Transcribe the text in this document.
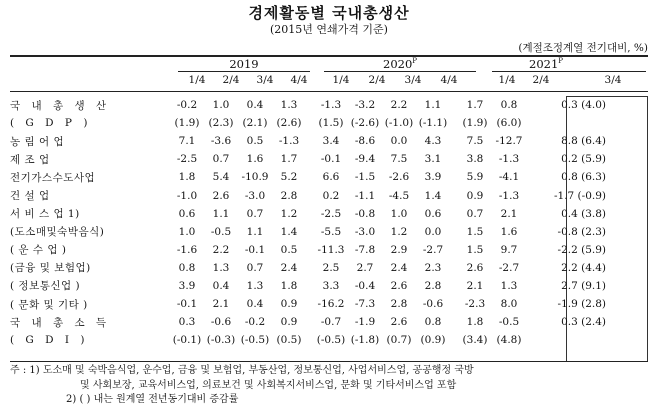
경제활동별 국내총생산
(2015년 연쇄가격 기준)
(계절조정계열 전기대비, %)
2019	$2020^P$	$2021^P$
1/4	2/4	3/4	4/4	1/4	2/4	3/4	4/4	1/4	2/4	3/4
국 내 총 생 산	-0.2	1.0	0.4	1.3		-1.3	-3.2	2.2	1.1		1.7	0.8	0.3 (4.0)
( G D P )	(1.9)	(2.3)	(2.1)	(2.6)		(1.5)	(-2.6)	(-1.0)	(-1.1)		(1.9)	(6.0)	
농 림 어 업	7.1	-3.6	0.5	-1.3		3.4	-8.6	0.0	4.3		7.5	-12.7	8.8 (6.4)
제 조 업	-2.5	0.7	1.6	1.7		-0.1	-9.4	7.5	3.1		3.8	-1.3	0.2 (5.9)
전기가스수도사업	1.8	5.4	-10.9	5.2		6.6	-1.5	-2.6	3.9		5.9	-4.1	0.8 (6.3)
건 설 업	-1.0	2.6	-3.0	2.8		0.2	-1.1	-4.5	1.4		0.9	-1.3	-1.7 (-0.9)
서 비 스 업 1)	0.6	1.1	0.7	1.2		-2.5	-0.8	1.0	0.6		0.7	2.1	0.4 (3.8)
(도소매및숙박음식)	1.0	-0.5	1.1	1.4		-5.5	-3.0	1.2	0.0		1.5	1.6	-0.8 (2.3)
( 운 수 업 )	-1.6	2.2	-0.1	0.5		-11.3	-7.8	2.9	-2.7		1.5	9.7	-2.2 (5.9)
(금융 및 보험업)	0.8	1.3	0.7	2.4		2.5	2.7	2.4	2.3		2.6	-2.7	2.2 (4.4)
( 정보통신업 )	3.9	0.4	1.3	1.8		3.3	-0.4	2.6	2.8		2.1	1.3	2.7 (9.1)
( 문화 및 기타 )	-0.1	2.1	0.4	0.9		-16.2	-7.3	2.8	-0.6		-2.3	8.0	-1.9 (2.8)
국 내 총 소 득	0.3	-0.6	-0.2	0.9		-0.7	-1.9	2.6	0.8		1.8	-0.5	0.3 (2.4)
( G D I )	(-0.1)	(-0.3)	(-0.5)	(0.5)		(-0.5)	(-1.8)	(0.7)	(0.9)		(3.4)	(4.8)	
주 : 1) 도소매 및 숙박음식업, 운수업, 금융 및 보험업, 부동산업, 정보통신업, 사업서비스업, 공공행정 국방
및 사회보장, 교육서비스업, 의료보건 및 사회복지서비스업, 문화 및 기타서비스업 포함
2) ( ) 내는 원계열 전년동기대비 증감률
